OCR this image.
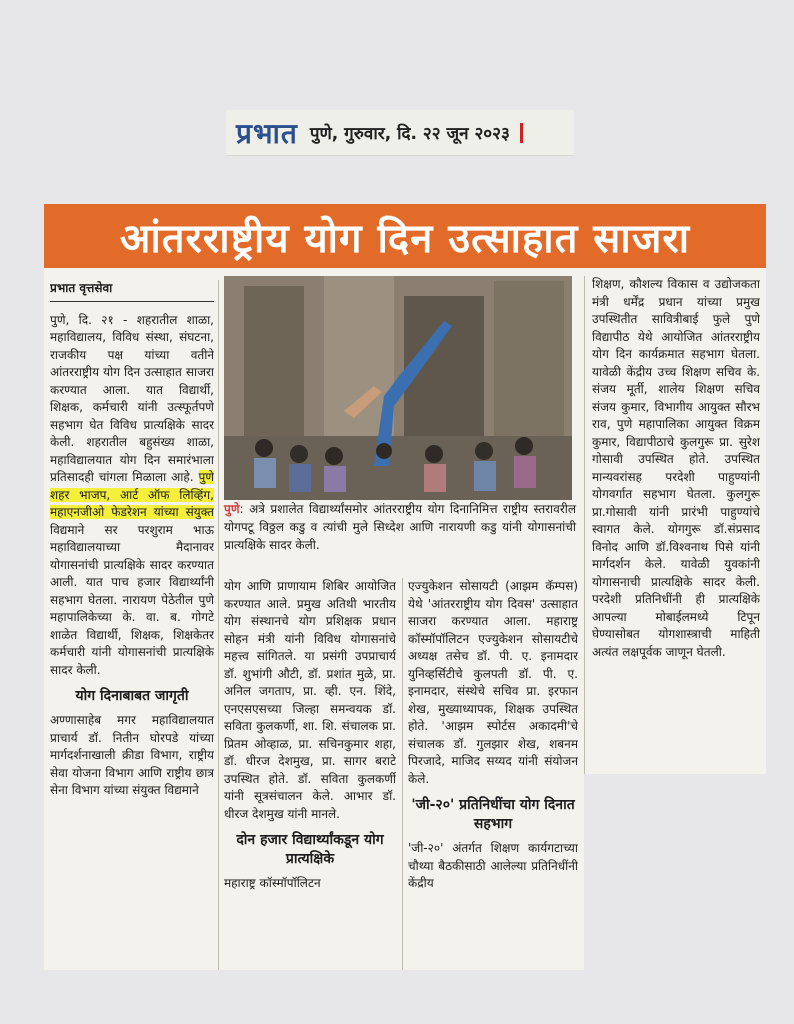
प्रभात पुणे, गुरुवार, दि. २२ जून २०२३
आंतरराष्ट्रीय योग दिन उत्साहात साजरा
प्रभात वृत्तसेवा

पुणे, दि. २१ - शहरातील शाळा, महाविद्यालय, विविध संस्था, संघटना, राजकीय पक्ष यांच्या वतीने आंतरराष्ट्रीय योग दिन उत्साहात साजरा करण्यात आला. यात विद्यार्थी, शिक्षक, कर्मचारी यांनी उत्स्फूर्तपणे सहभाग घेत विविध प्रात्यक्षिके सादर केली. शहरातील बहुसंख्य शाळा, महाविद्यालयात योग दिन समारंभाला प्रतिसादही चांगला मिळाला आहे. पुणे शहर भाजप, आर्ट ऑफ लिव्हिंग, महाएनजीओ फेडरेशन यांच्या संयुक्त विद्यमाने सर परशुराम भाऊ महाविद्यालयाच्या मैदानावर योगासनांची प्रात्यक्षिके सादर करण्यात आली. यात पाच हजार विद्यार्थ्यांनी सहभाग घेतला. नारायण पेठेतील पुणे महापालिकेच्या के. वा. ब. गोगटे शाळेत विद्यार्थी, शिक्षक, शिक्षकेतर कर्मचारी यांनी योगासनांची प्रात्यक्षिके सादर केली.

योग दिनाबाबत जागृती

अण्णासाहेब मगर महाविद्यालयात प्राचार्य डॉ. नितीन घोरपडे यांच्या मार्गदर्शनाखाली क्रीडा विभाग, राष्ट्रीय सेवा योजना विभाग आणि राष्ट्रीय छात्र सेना विभाग यांच्या संयुक्त विद्यमाने

पुणे: अत्रे प्रशालेत विद्यार्थ्यांसमोर आंतरराष्ट्रीय योग दिनानिमित्त राष्ट्रीय स्तरावरील योगपटू विठ्ठल कडु व त्यांची मुले सिध्देश आणि नारायणी कडु यांनी योगासनांची प्रात्यक्षिके सादर केली.

योग आणि प्राणायाम शिबिर आयोजित करण्यात आले. प्रमुख अतिथी भारतीय योग संस्थानचे योग प्रशिक्षक प्रधान सोहन मंत्री यांनी विविध योगासनांचे महत्त्व सांगितले. या प्रसंगी उपप्राचार्य डॉ. शुभांगी औटी, डॉ. प्रशांत मुळे, प्रा. अनिल जगताप, प्रा. व्ही. एन. शिंदे, एनएसएसच्या जिल्हा समन्वयक डॉ. सविता कुलकर्णी, शा. शि. संचालक प्रा. प्रितम ओव्हाळ, प्रा. सचिनकुमार शहा, डॉ. धीरज देशमुख, प्रा. सागर बराटे उपस्थित होते. डॉ. सविता कुलकर्णी यांनी सूत्रसंचालन केले. आभार डॉ. धीरज देशमुख यांनी मानले.

दोन हजार विद्यार्थ्यांकडून योग प्रात्यक्षिके

महाराष्ट्र कॉस्मॉपॉलिटन

एज्युकेशन सोसायटी (आझम कॅम्पस) येथे 'आंतरराष्ट्रीय योग दिवस' उत्साहात साजरा करण्यात आला. महाराष्ट्र कॉस्मॉपॉलिटन एज्युकेशन सोसायटीचे अध्यक्ष तसेच डॉ. पी. ए. इनामदार युनिव्हर्सिटीचे कुलपती डॉ. पी. ए. इनामदार, संस्थेचे सचिव प्रा. इरफान शेख, मुख्याध्यापक, शिक्षक उपस्थित होते. 'आझम स्पोर्टस अकादमी'चे संचालक डॉ. गुलझार शेख, शबनम पिरजादे, माजिद सय्यद यांनी संयोजन केले.

'जी-२०' प्रतिनिधींचा योग दिनात सहभाग

'जी-२०' अंतर्गत शिक्षण कार्यगटाच्या चौथ्या बैठकीसाठी आलेल्या प्रतिनिधींनी केंद्रीय

शिक्षण, कौशल्य विकास व उद्योजकता मंत्री धर्मेंद्र प्रधान यांच्या प्रमुख उपस्थितीत सावित्रीबाई फुले पुणे विद्यापीठ येथे आयोजित आंतरराष्ट्रीय योग दिन कार्यक्रमात सहभाग घेतला. यावेळी केंद्रीय उच्च शिक्षण सचिव के. संजय मूर्ती, शालेय शिक्षण सचिव संजय कुमार, विभागीय आयुक्त सौरभ राव, पुणे महापालिका आयुक्त विक्रम कुमार, विद्यापीठाचे कुलगुरू प्रा. सुरेश गोसावी उपस्थित होते. उपस्थित मान्यवरांसह परदेशी पाहुण्यांनी योगवर्गात सहभाग घेतला. कुलगुरू प्रा.गोसावी यांनी प्रारंभी पाहुण्यांचे स्वागत केले. योगगुरू डॉ.संप्रसाद विनोद आणि डॉ.विश्वनाथ पिसे यांनी मार्गदर्शन केले. यावेळी युवकांनी योगासनाची प्रात्यक्षिके सादर केली. परदेशी प्रतिनिधींनी ही प्रात्यक्षिके आपल्या मोबाईलमध्ये टिपून घेण्यासोबत योगशास्त्राची माहिती अत्यंत लक्षपूर्वक जाणून घेतली.
